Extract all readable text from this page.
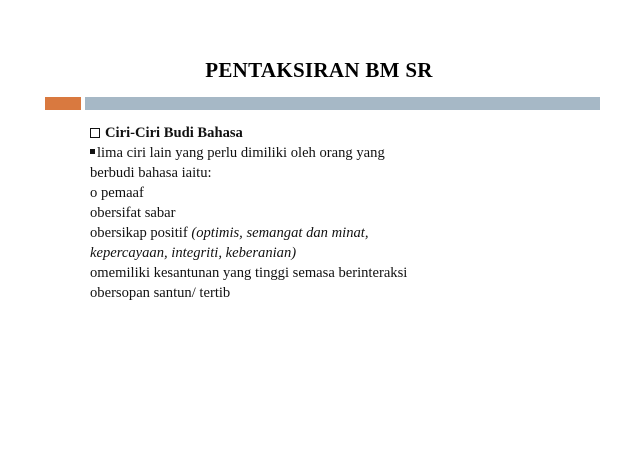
PENTAKSIRAN BM SR
Ciri-Ciri Budi Bahasa
lima ciri lain yang perlu dimiliki oleh orang yang
berbudi bahasa iaitu:
o pemaaf
obersifat sabar
obersikap positif (optimis, semangat dan minat,
kepercayaan, integriti, keberanian)
omemiliki kesantunan yang tinggi semasa berinteraksi
obersopan santun/ tertib
